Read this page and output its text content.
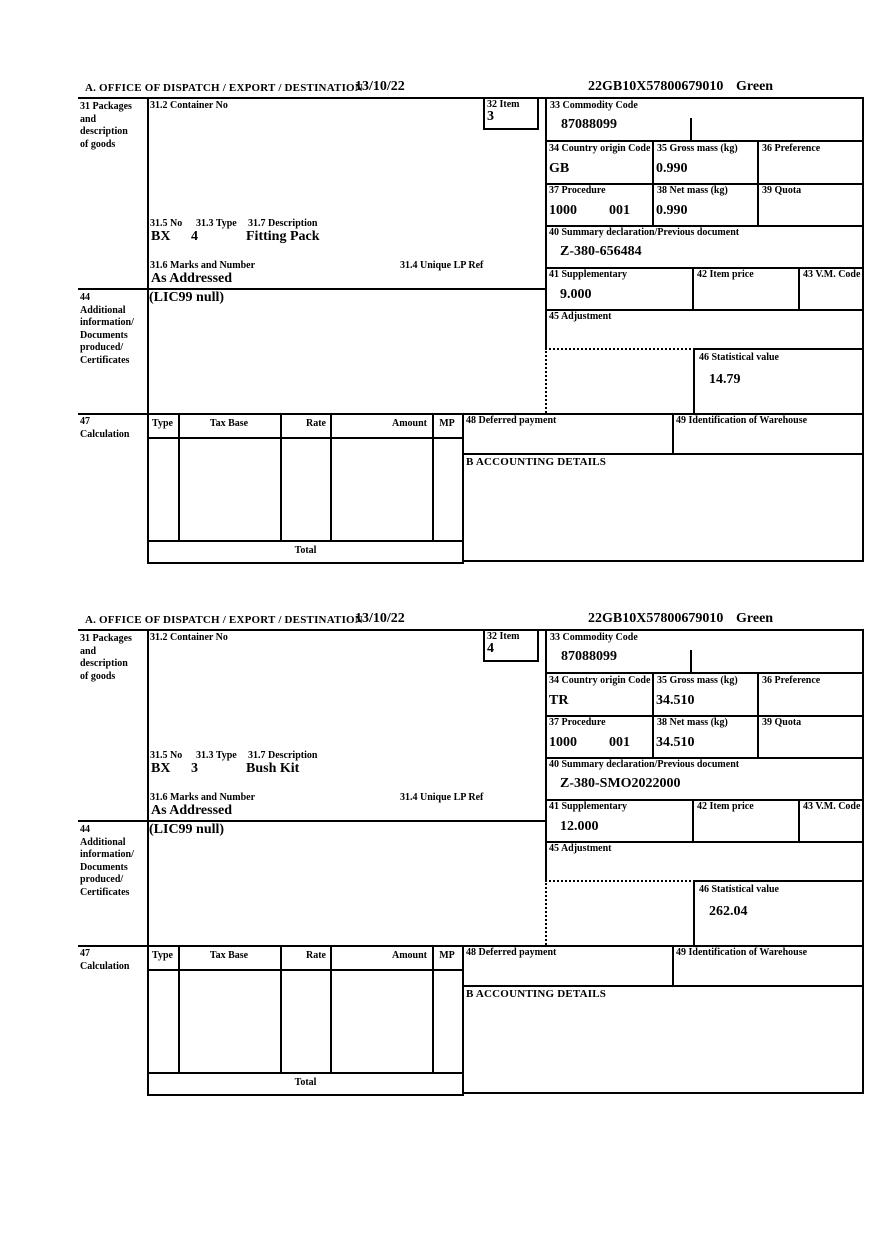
A. OFFICE OF DISPATCH / EXPORT / DESTINATION
13/10/22	22GB10X57800679010 Green
31 Packages
and
description
of goods
31.2 Container No	32 Item
3
33 Commodity Code
87088099
34 Country origin Code
GB
35 Gross mass (kg)
0.990
36 Preference
37 Procedure
1000 001
38 Net mass (kg)
0.990
39 Quota
40 Summary declaration/Previous document
Z-380-656484
41 Supplementary
9.000
42 Item price	43 V.M. Code
45 Adjustment
46 Statistical value
14.79
31.5 No 31.3 Type 31.7 Description
BX 4	Fitting Pack
31.6 Marks and Number	31.4 Unique LP Ref
As Addressed
44
Additional
information/
Documents
produced/
Certificates
(LIC99 null)
47
Calculation
Type	Tax Base	Rate	Amount	MP
Total
48 Deferred payment	49 Identification of Warehouse
B ACCOUNTING DETAILS
A. OFFICE OF DISPATCH / EXPORT / DESTINATION
13/10/22	22GB10X57800679010 Green
31 Packages
and
description
of goods
31.2 Container No	32 Item
4
33 Commodity Code
87088099
34 Country origin Code
TR
35 Gross mass (kg)
34.510
36 Preference
37 Procedure
1000 001
38 Net mass (kg)
34.510
39 Quota
40 Summary declaration/Previous document
Z-380-SMO2022000
41 Supplementary
12.000
42 Item price	43 V.M. Code
45 Adjustment
46 Statistical value
262.04
31.5 No 31.3 Type 31.7 Description
BX 3	Bush Kit
31.6 Marks and Number	31.4 Unique LP Ref
As Addressed
44
Additional
information/
Documents
produced/
Certificates
(LIC99 null)
47
Calculation
Type	Tax Base	Rate	Amount	MP
Total
48 Deferred payment	49 Identification of Warehouse
B ACCOUNTING DETAILS
